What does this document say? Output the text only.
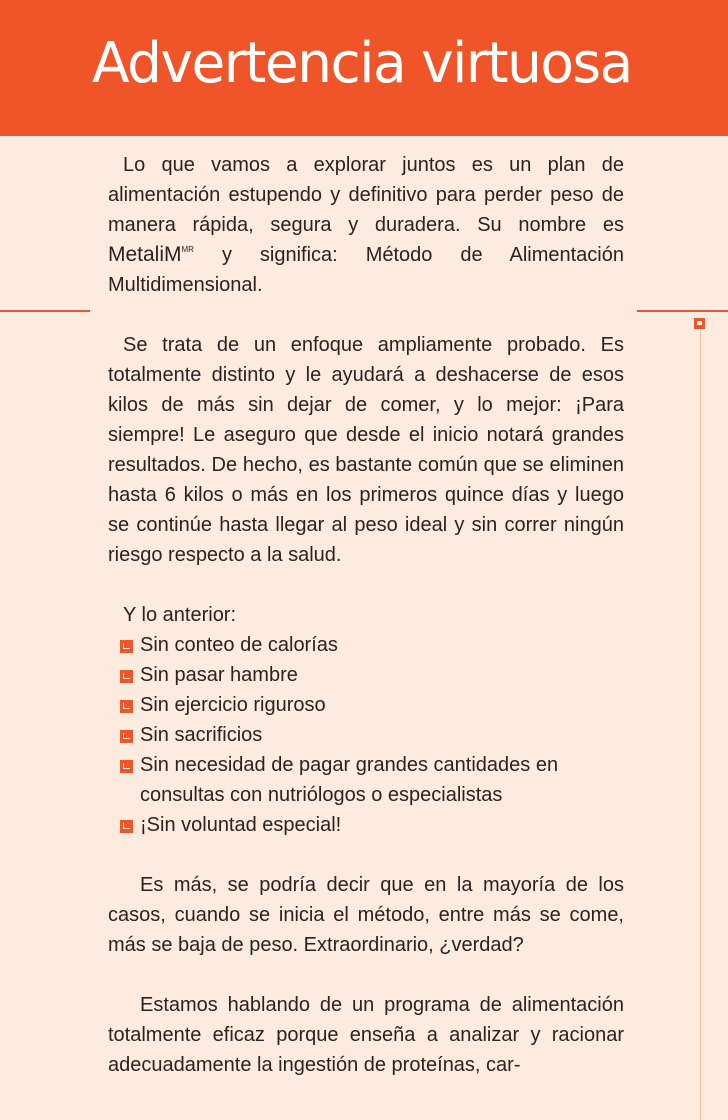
Advertencia virtuosa

Lo que vamos a explorar juntos es un plan de alimentación estupendo y definitivo para perder peso de manera rápida, segura y duradera. Su nombre es MetaliM$^{MR}$ y significa: Método de Alimentación Multidimensional.

Se trata de un enfoque ampliamente probado. Es totalmente distinto y le ayudará a deshacerse de esos kilos de más sin dejar de comer, y lo mejor: ¡Para siempre! Le aseguro que desde el inicio notará grandes resultados. De hecho, es bastante común que se eliminen hasta 6 kilos o más en los primeros quince días y luego se continúe hasta llegar al peso ideal y sin correr ningún riesgo respecto a la salud.

Y lo anterior:

Sin conteo de calorías
Sin pasar hambre
Sin ejercicio riguroso
Sin sacrificios
Sin necesidad de pagar grandes cantidades en consultas con nutriólogos o especialistas
¡Sin voluntad especial!

Es más, se podría decir que en la mayoría de los casos, cuando se inicia el método, entre más se come, más se baja de peso. Extraordinario, ¿verdad?

Estamos hablando de un programa de alimentación totalmente eficaz porque enseña a analizar y racionar adecuadamente la ingestión de proteínas, car-
